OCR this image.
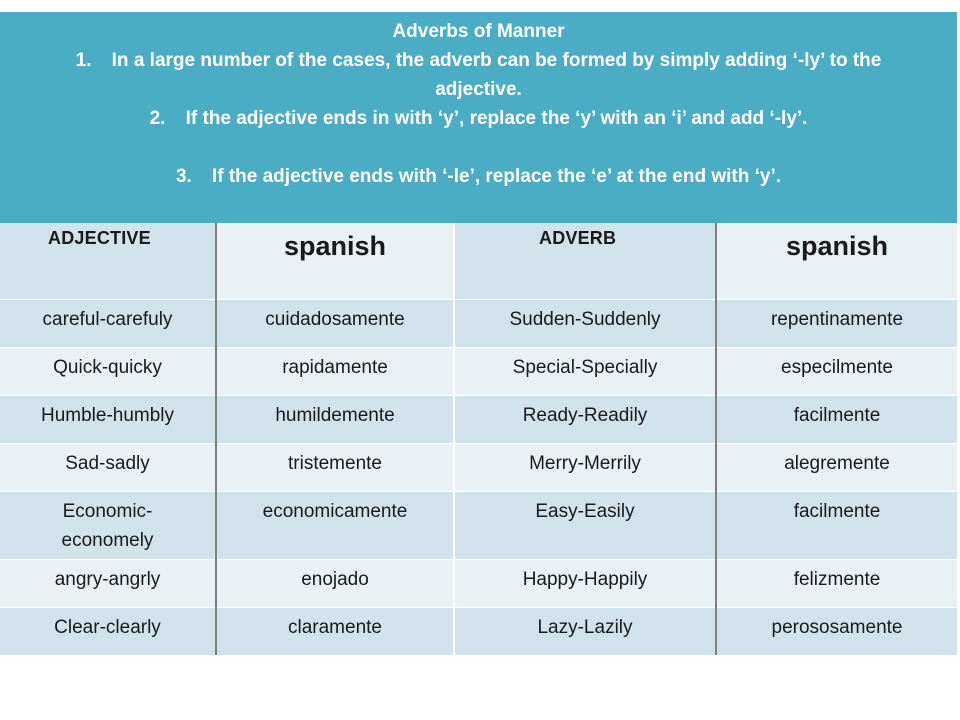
Adverbs of Manner
1. In a large number of the cases, the adverb can be formed by simply adding ‘-ly’ to the adjective.
2. If the adjective ends in with ‘y’, replace the ‘y’ with an ‘i’ and add ‘-ly’.
3. If the adjective ends with ‘-le’, replace the ‘e’ at the end with ‘y’.			

ADJECTIVE	spanish	ADVERB	spanish

careful-carefuly	cuidadosamente	Sudden-Suddenly	repentinamente
Quick-quicky	rapidamente	Special-Specially	especilmente
Humble-humbly	humildemente	Ready-Readily	facilmente
Sad-sadly	tristemente	Merry-Merrily	alegremente
Economic-economely	economicamente	Easy-Easily	facilmente
angry-angrly	enojado	Happy-Happily	felizmente
Clear-clearly	claramente	Lazy-Lazily	perososamente
